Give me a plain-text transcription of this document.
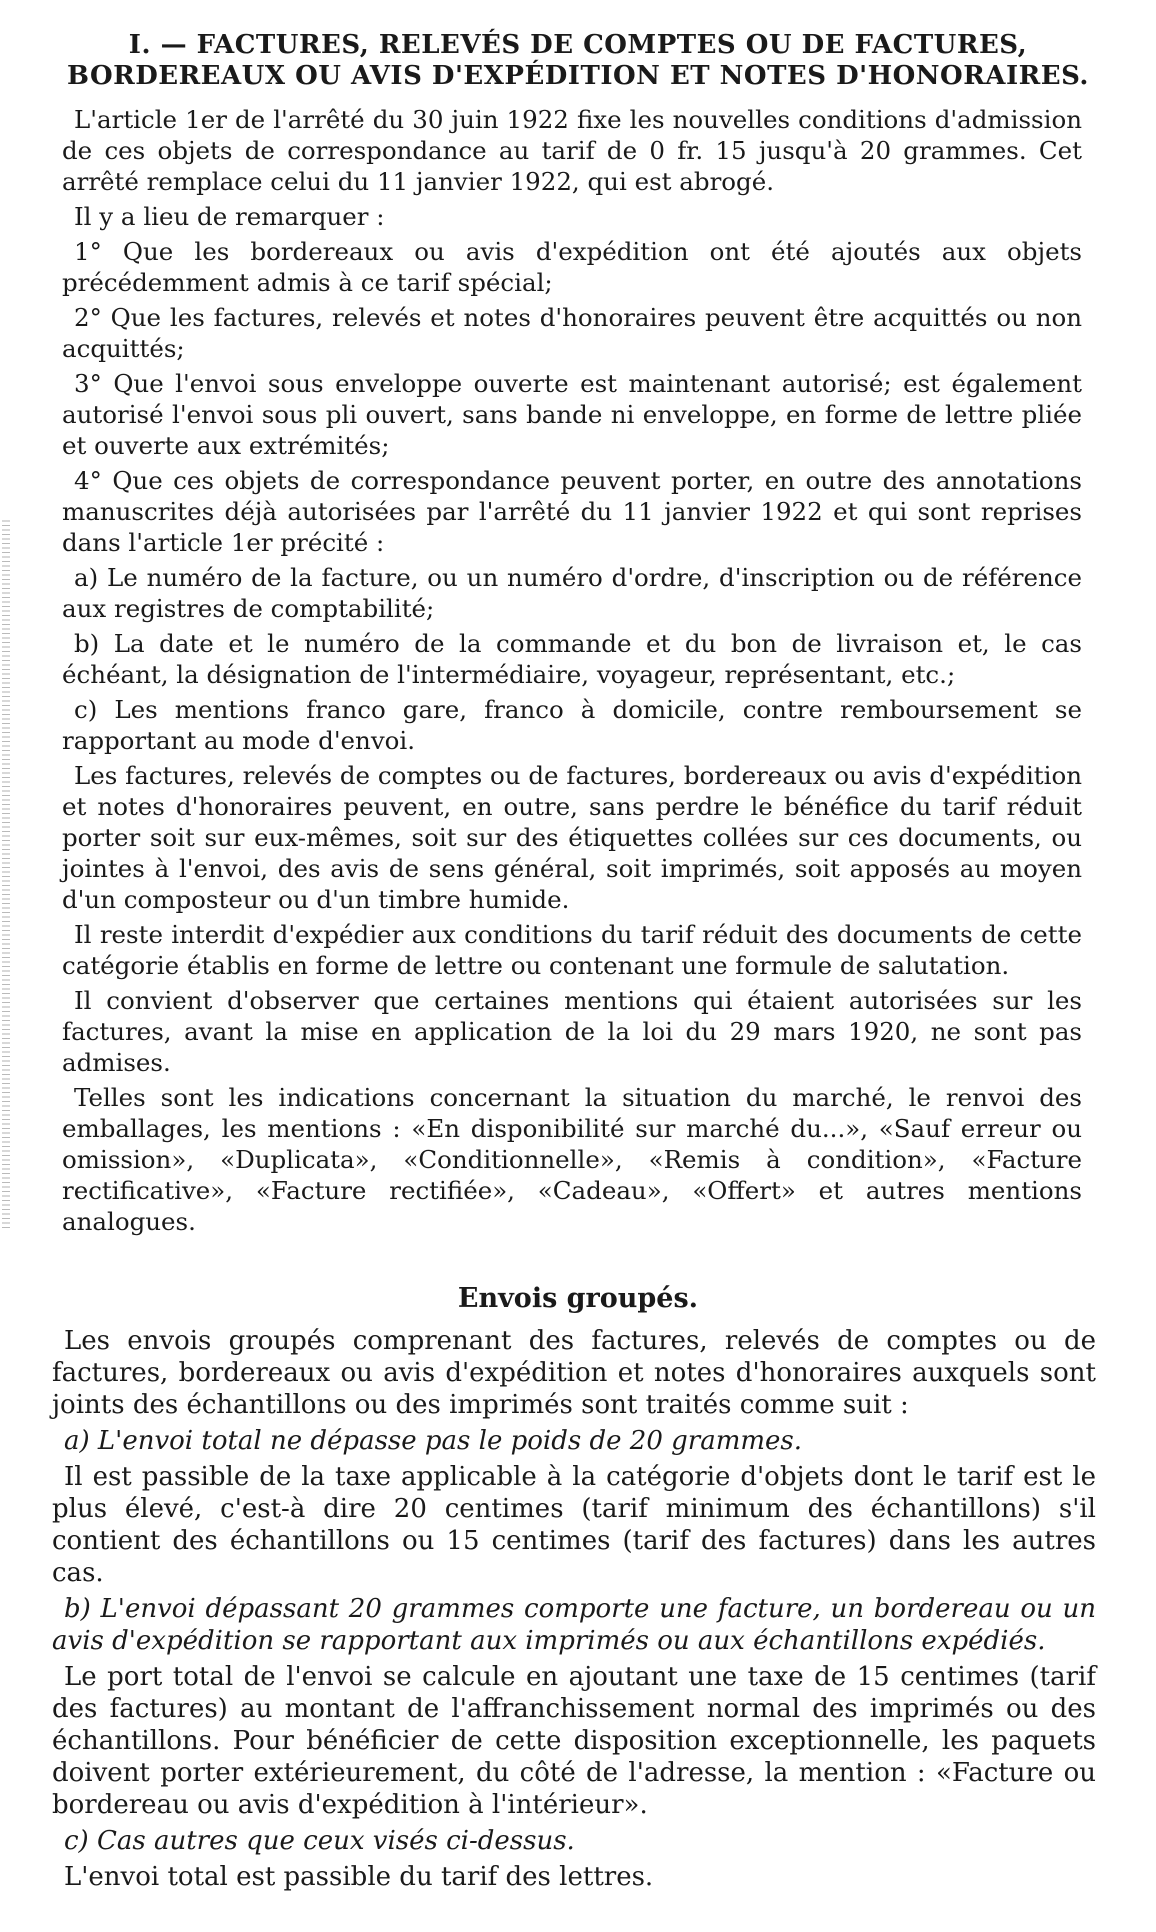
I. — FACTURES, RELEVÉS DE COMPTES OU DE FACTURES,
BORDEREAUX OU AVIS D'EXPÉDITION ET NOTES D'HONORAIRES.

L'article 1er de l'arrêté du 30 juin 1922 fixe les nouvelles conditions d'admission de ces objets de correspondance au tarif de 0 fr. 15 jusqu'à 20 grammes. Cet arrêté remplace celui du 11 janvier 1922, qui est abrogé.

Il y a lieu de remarquer :

1° Que les bordereaux ou avis d'expédition ont été ajoutés aux objets précédemment admis à ce tarif spécial;

2° Que les factures, relevés et notes d'honoraires peuvent être acquittés ou non acquittés;

3° Que l'envoi sous enveloppe ouverte est maintenant autorisé; est également autorisé l'envoi sous pli ouvert, sans bande ni enveloppe, en forme de lettre pliée et ouverte aux extrémités;

4° Que ces objets de correspondance peuvent porter, en outre des annotations manuscrites déjà autorisées par l'arrêté du 11 janvier 1922 et qui sont reprises dans l'article 1er précité :

a) Le numéro de la facture, ou un numéro d'ordre, d'inscription ou de référence aux registres de comptabilité;

b) La date et le numéro de la commande et du bon de livraison et, le cas échéant, la désignation de l'intermédiaire, voyageur, représentant, etc.;

c) Les mentions franco gare, franco à domicile, contre remboursement se rapportant au mode d'envoi.

Les factures, relevés de comptes ou de factures, bordereaux ou avis d'expédition et notes d'honoraires peuvent, en outre, sans perdre le bénéfice du tarif réduit porter soit sur eux-mêmes, soit sur des étiquettes collées sur ces documents, ou jointes à l'envoi, des avis de sens général, soit imprimés, soit apposés au moyen d'un composteur ou d'un timbre humide.

Il reste interdit d'expédier aux conditions du tarif réduit des documents de cette catégorie établis en forme de lettre ou contenant une formule de salutation.

Il convient d'observer que certaines mentions qui étaient autorisées sur les factures, avant la mise en application de la loi du 29 mars 1920, ne sont pas admises.

Telles sont les indications concernant la situation du marché, le renvoi des emballages, les mentions : «En disponibilité sur marché du...», «Sauf erreur ou omission», «Duplicata», «Conditionnelle», «Remis à condition», «Facture rectificative», «Facture rectifiée», «Cadeau», «Offert» et autres mentions analogues.

Envois groupés.

Les envois groupés comprenant des factures, relevés de comptes ou de factures, bordereaux ou avis d'expédition et notes d'honoraires auxquels sont joints des échantillons ou des imprimés sont traités comme suit :

a) L'envoi total ne dépasse pas le poids de 20 grammes.

Il est passible de la taxe applicable à la catégorie d'objets dont le tarif est le plus élevé, c'est-à dire 20 centimes (tarif minimum des échantillons) s'il contient des échantillons ou 15 centimes (tarif des factures) dans les autres cas.

b) L'envoi dépassant 20 grammes comporte une facture, un bordereau ou un avis d'expédition se rapportant aux imprimés ou aux échantillons expédiés.

Le port total de l'envoi se calcule en ajoutant une taxe de 15 centimes (tarif des factures) au montant de l'affranchissement normal des imprimés ou des échantillons. Pour bénéficier de cette disposition exceptionnelle, les paquets doivent porter extérieurement, du côté de l'adresse, la mention : «Facture ou bordereau ou avis d'expédition à l'intérieur».

c) Cas autres que ceux visés ci-dessus.

L'envoi total est passible du tarif des lettres.
